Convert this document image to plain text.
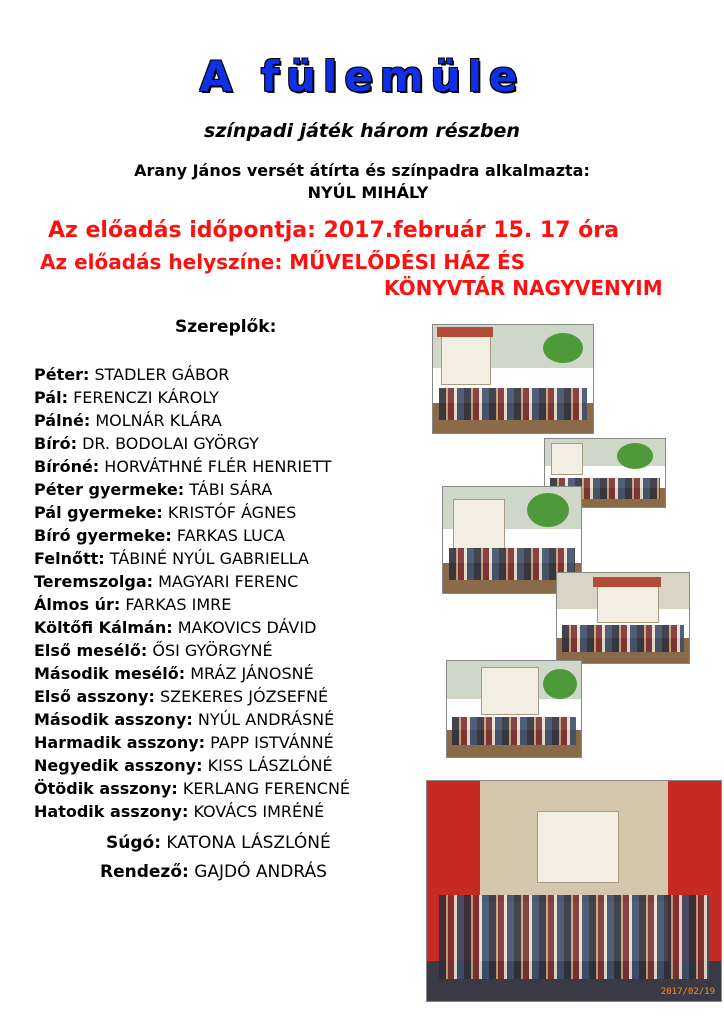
A fülemüle
színpadi játék három részben
Arany János versét átírta és színpadra alkalmazta:
NYÚL MIHÁLY
Az előadás időpontja: 2017.február 15. 17 óra
Az előadás helyszíne: MŰVELŐDÉSI HÁZ ÉS
KÖNYVTÁR NAGYVENYIM
Szereplők:
Péter: STADLER GÁBOR
Pál: FERENCZI KÁROLY
Pálné: MOLNÁR KLÁRA
Bíró: DR. BODOLAI GYÖRGY
Bíróné: HORVÁTHNÉ FLÉR HENRIETT
Péter gyermeke: TÁBI SÁRA
Pál gyermeke: KRISTÓF ÁGNES
Bíró gyermeke: FARKAS LUCA
Felnőtt: TÁBINÉ NYÚL GABRIELLA
Teremszolga: MAGYARI FERENC
Álmos úr: FARKAS IMRE
Költőfi Kálmán: MAKOVICS DÁVID
Első mesélő: ŐSI GYÖRGYNÉ
Második mesélő: MRÁZ JÁNOSNÉ
Első asszony: SZEKERES JÓZSEFNÉ
Második asszony: NYÚL ANDRÁSNÉ
Harmadik asszony: PAPP ISTVÁNNÉ
Negyedik asszony: KISS LÁSZLÓNÉ
Ötödik asszony: KERLANG FERENCNÉ
Hatodik asszony: KOVÁCS IMRÉNÉ
Súgó: KATONA LÁSZLÓNÉ
Rendező: GAJDÓ ANDRÁS
2017/02/19
